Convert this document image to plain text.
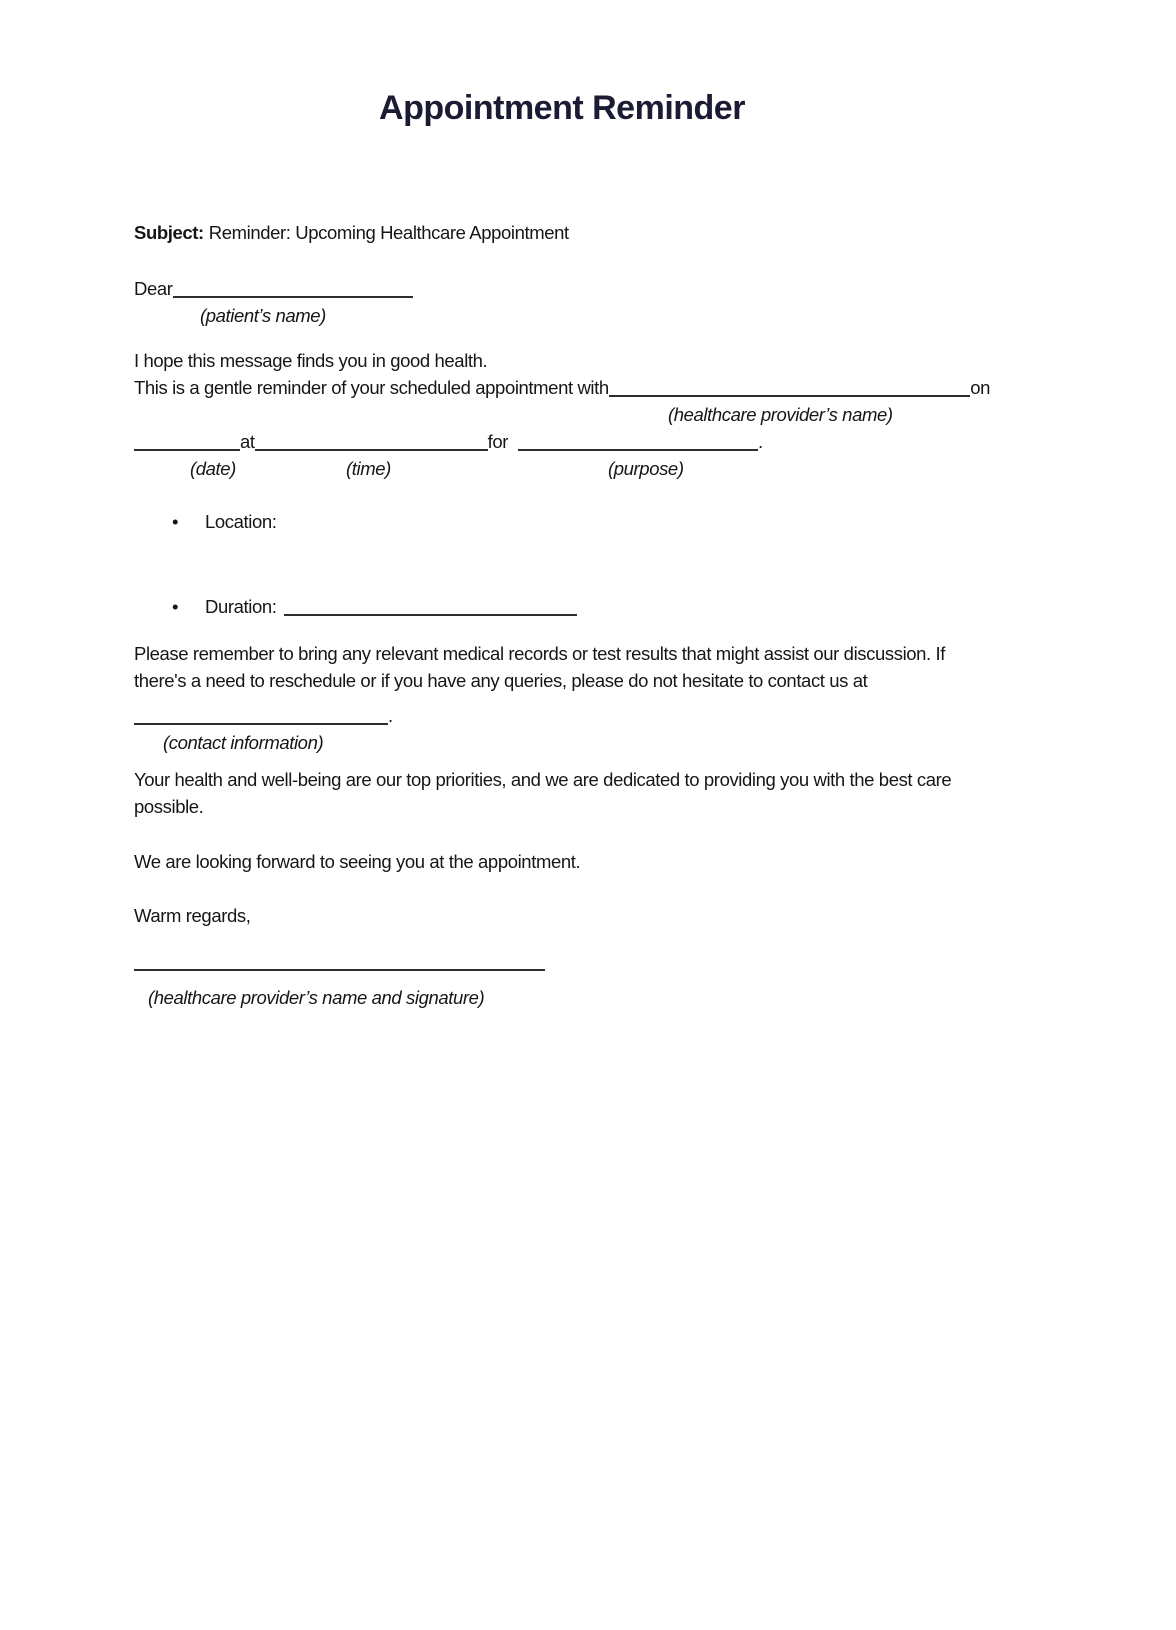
Appointment Reminder
Subject: Reminder: Upcoming Healthcare Appointment
Dear
(patient’s name)
I hope this message finds you in good health.
This is a gentle reminder of your scheduled appointment with	on
(healthcare provider’s name)
at	for	.
(date)	(time)	(purpose)
•
Location:
•
Duration:
Please remember to bring any relevant medical records or test results that might assist our discussion. If
there's a need to reschedule or if you have any queries, please do not hesitate to contact us at
.
(contact information)
Your health and well-being are our top priorities, and we are dedicated to providing you with the best care
possible.
We are looking forward to seeing you at the appointment.
Warm regards,
(healthcare provider’s name and signature)
